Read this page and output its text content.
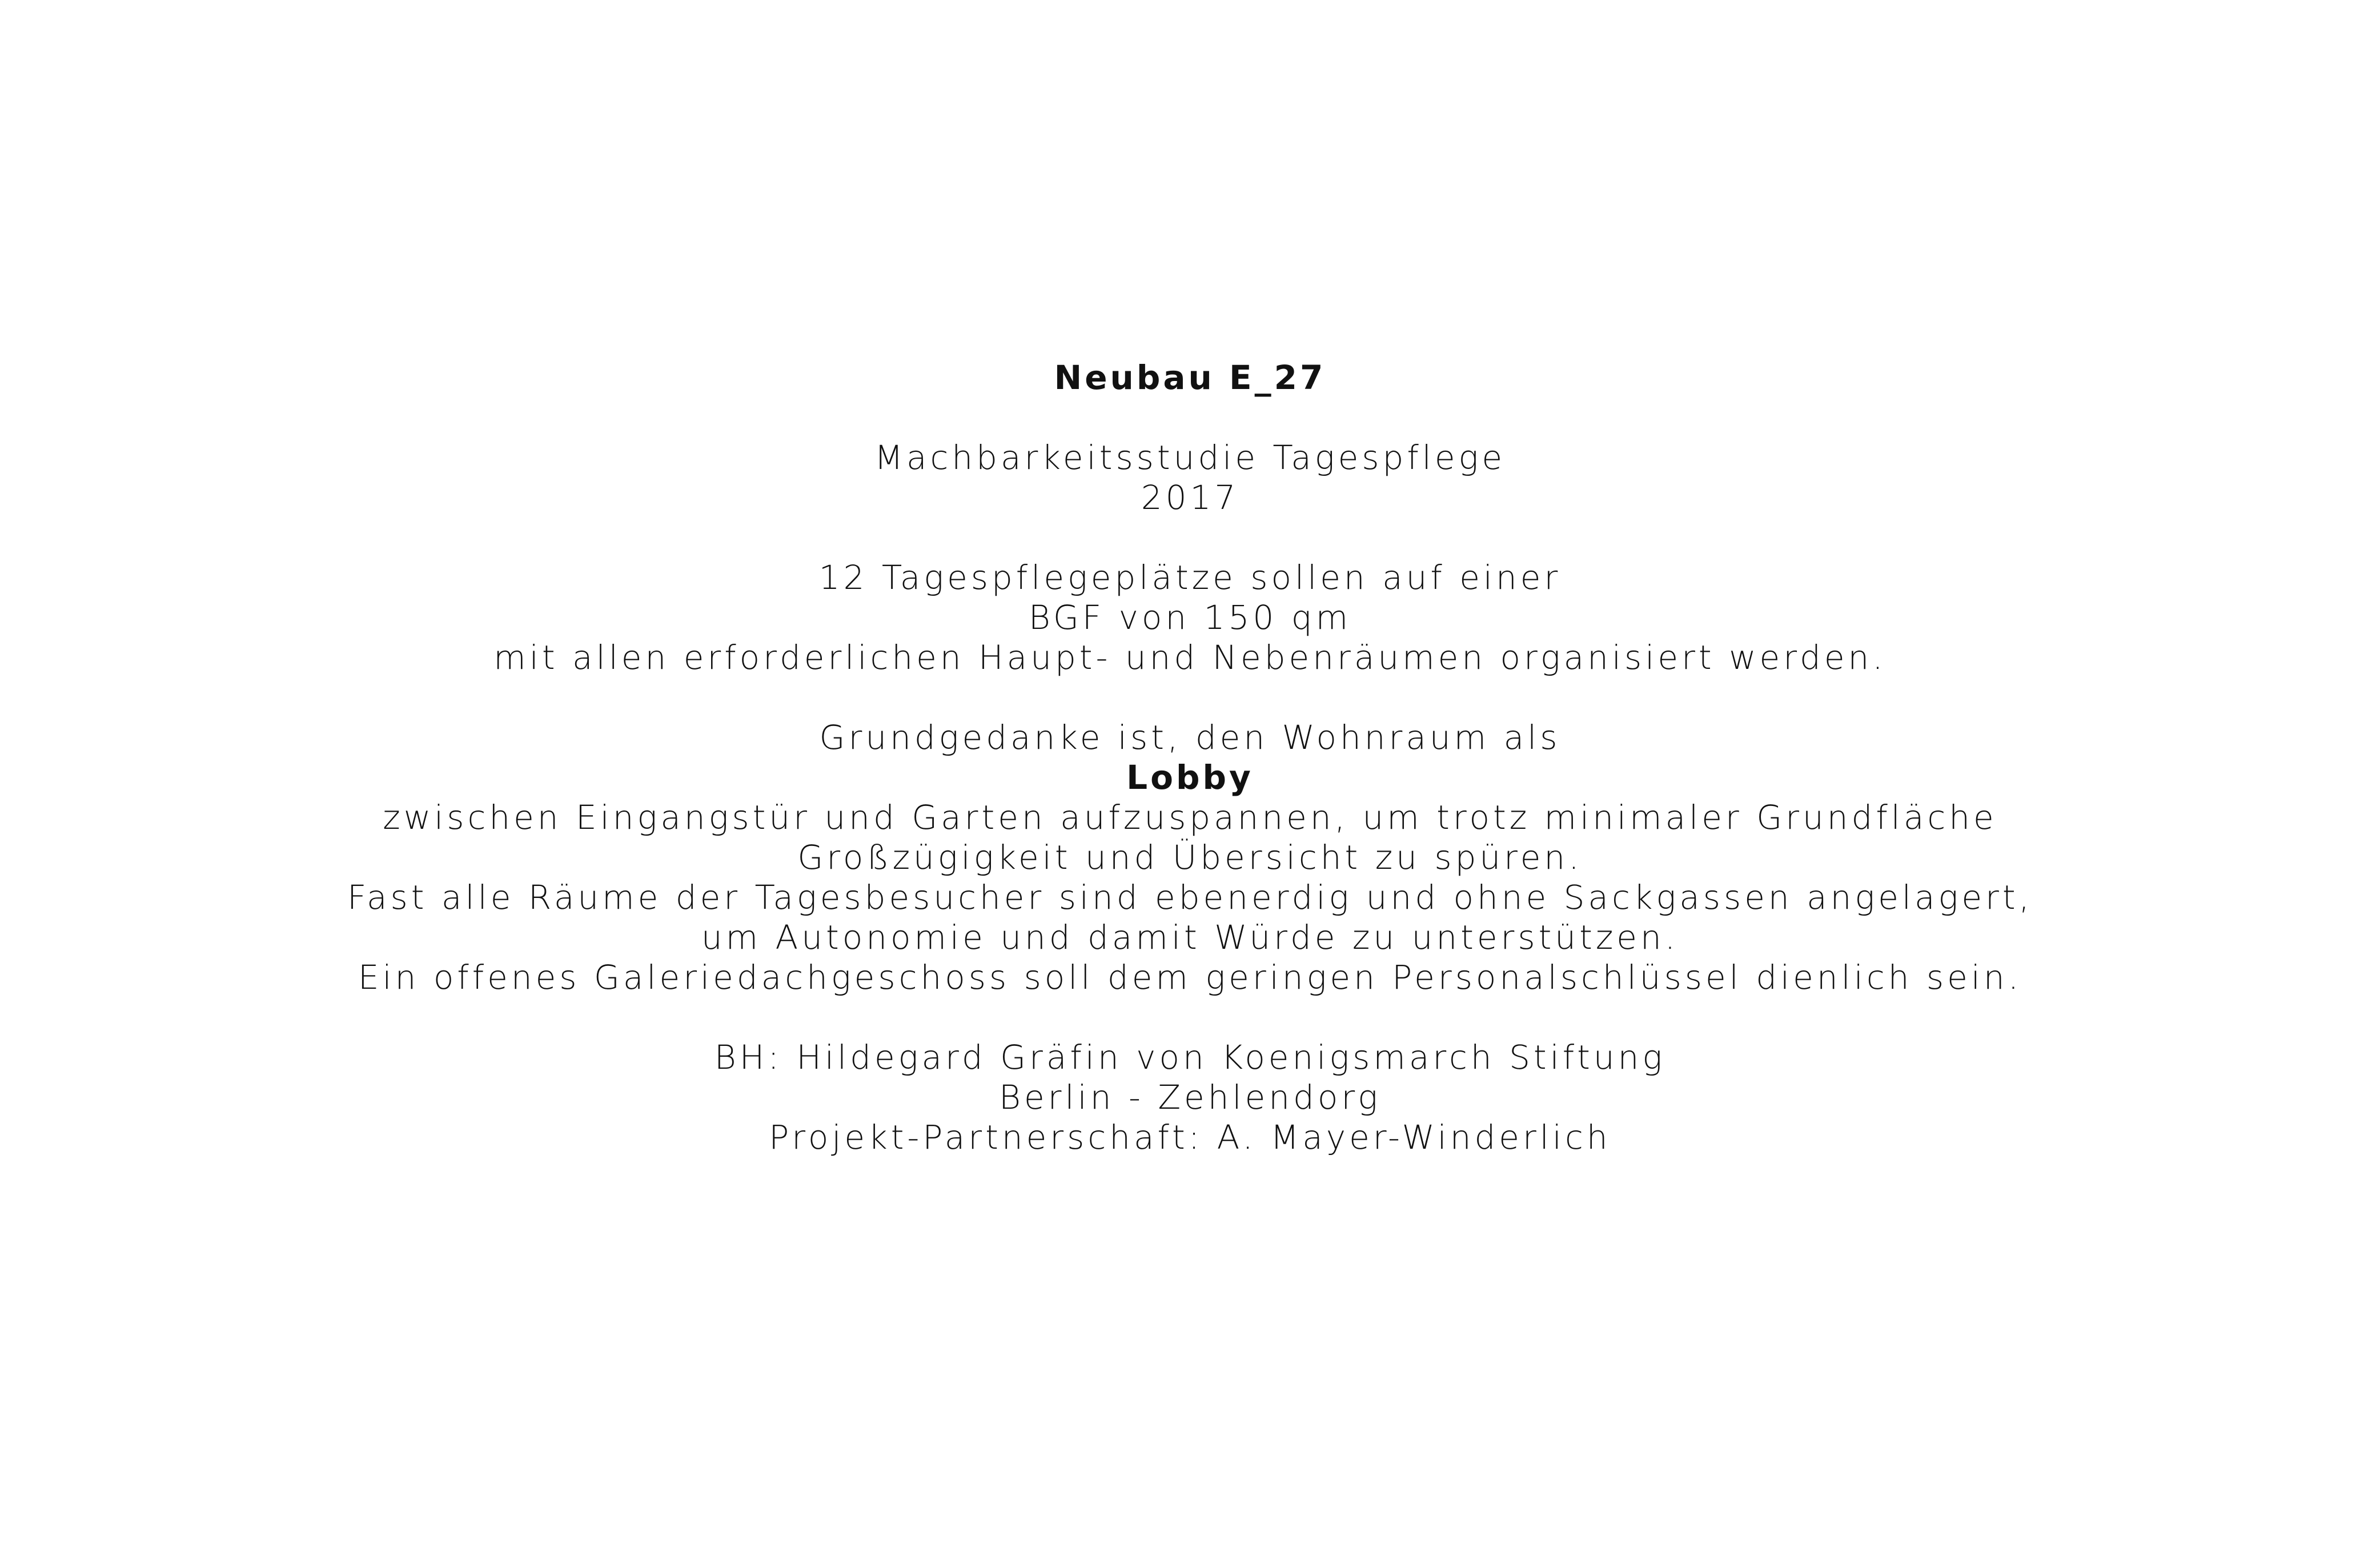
Neubau E_27
Machbarkeitsstudie Tagespflege
2017
12 Tagespflegeplätze sollen auf einer
BGF von 150 qm
mit allen erforderlichen Haupt- und Nebenräumen organisiert werden.
Grundgedanke ist, den Wohnraum als
Lobby
zwischen Eingangstür und Garten aufzuspannen, um trotz minimaler Grundfläche
Großzügigkeit und Übersicht zu spüren.
Fast alle Räume der Tagesbesucher sind ebenerdig und ohne Sackgassen angelagert,
um Autonomie und damit Würde zu unterstützen.
Ein offenes Galeriedachgeschoss soll dem geringen Personalschlüssel dienlich sein.
BH: Hildegard Gräfin von Koenigsmarch Stiftung
Berlin - Zehlendorg
Projekt-Partnerschaft: A. Mayer-Winderlich
